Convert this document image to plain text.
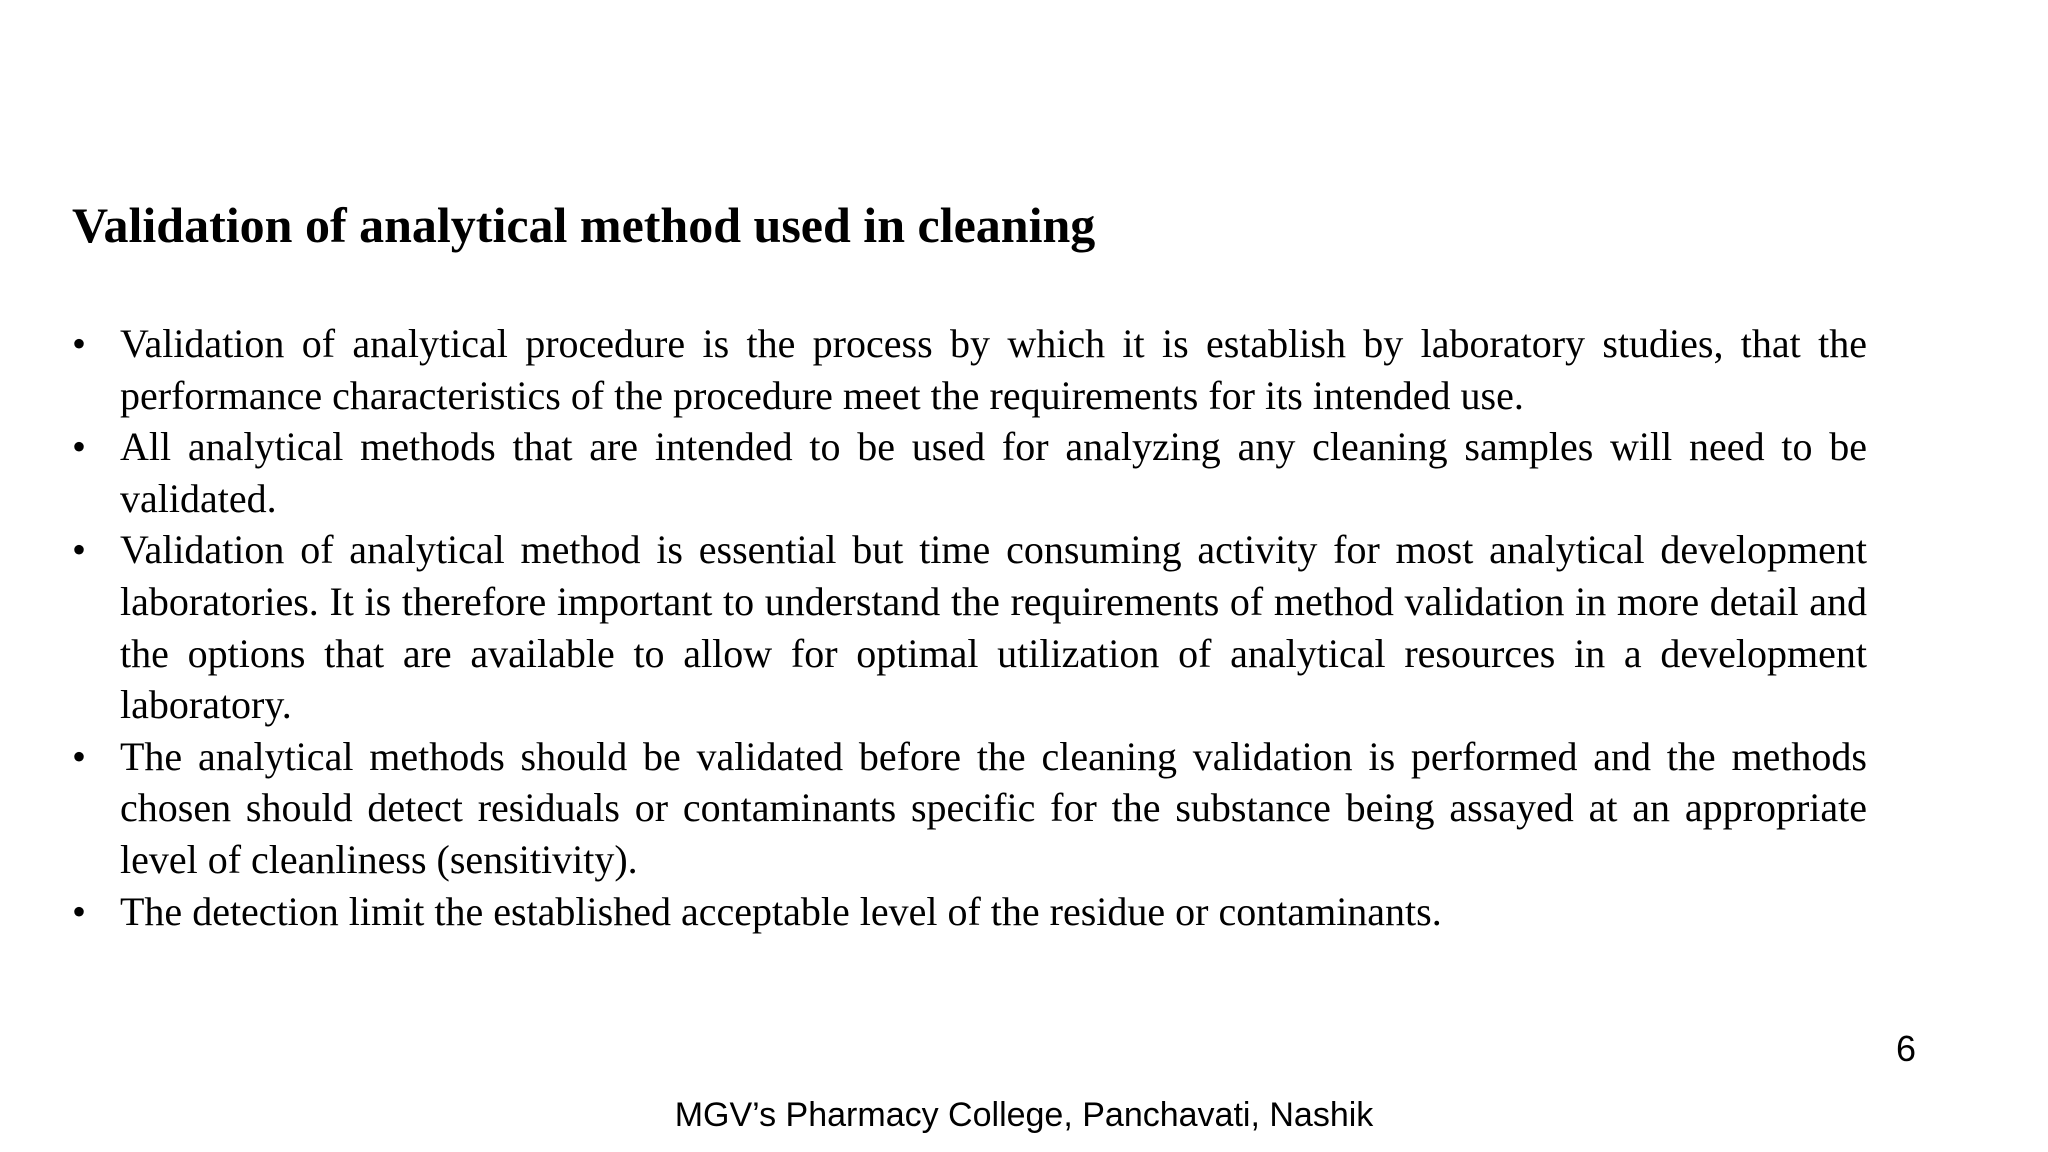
Validation of analytical method used in cleaning
• Validation of analytical procedure is the process by which it is establish by laboratory studies, that the performance characteristics of the procedure meet the requirements for its intended use.
• All analytical methods that are intended to be used for analyzing any cleaning samples will need to be validated.
• Validation of analytical method is essential but time consuming activity for most analytical development laboratories. It is therefore important to understand the requirements of method validation in more detail and the options that are available to allow for optimal utilization of analytical resources in a development laboratory.
• The analytical methods should be validated before the cleaning validation is performed and the methods chosen should detect residuals or contaminants specific for the substance being assayed at an appropriate level of cleanliness (sensitivity).
• The detection limit the established acceptable level of the residue or contaminants.
6
MGV’s Pharmacy College, Panchavati, Nashik
